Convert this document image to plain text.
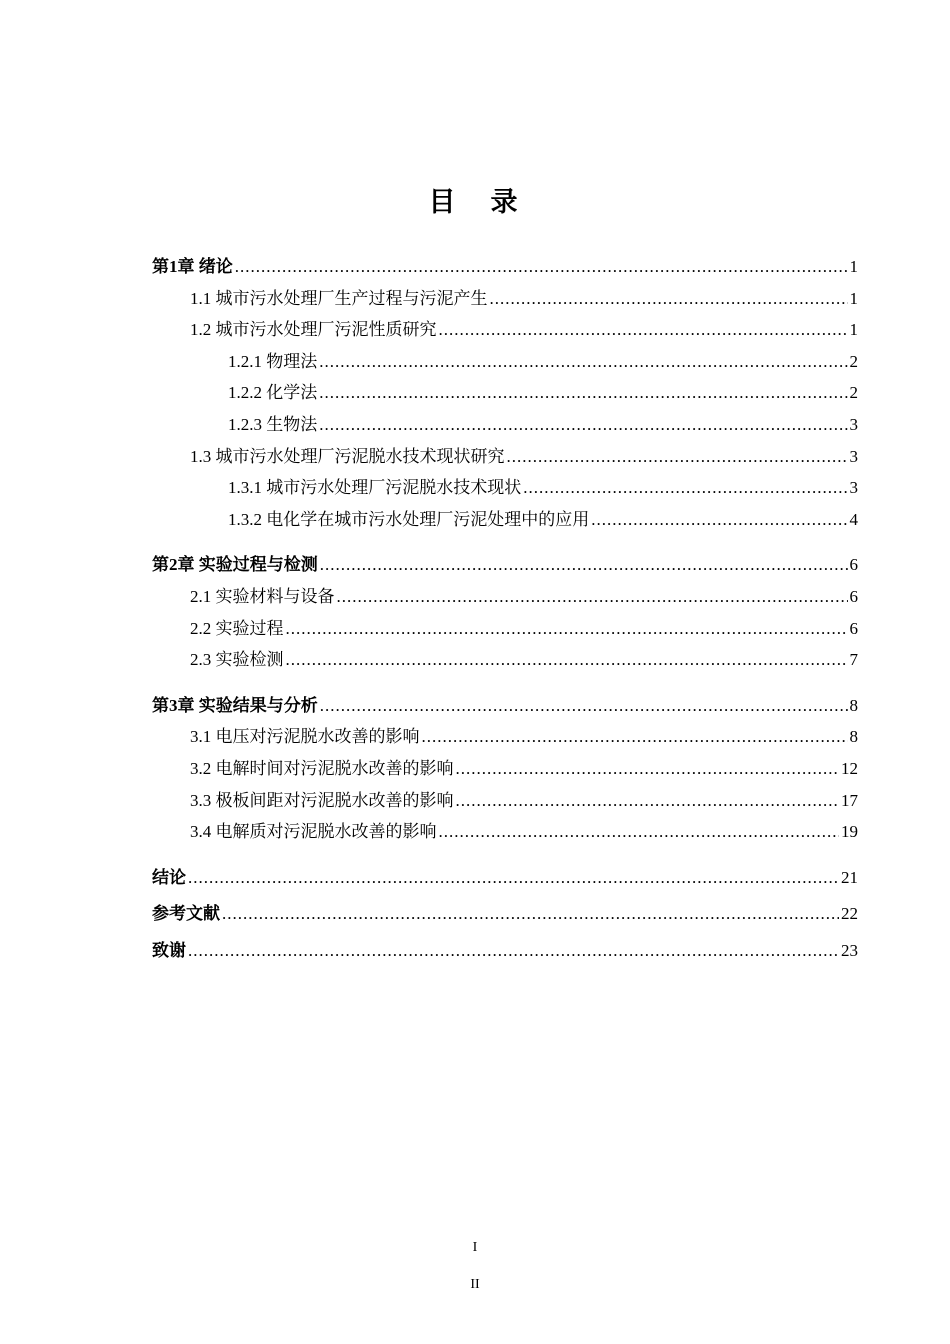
目　录
第1章 绪论 .....	1
1.1 城市污水处理厂生产过程与污泥产生 .....	1
1.2 城市污水处理厂污泥性质研究 .....	1
1.2.1 物理法 .....	2
1.2.2 化学法 .....	2
1.2.3 生物法 .....	3
1.3 城市污水处理厂污泥脱水技术现状研究 .....	3
1.3.1 城市污水处理厂污泥脱水技术现状 .....	3
1.3.2 电化学在城市污水处理厂污泥处理中的应用 .....	4
第2章 实验过程与检测 .....	6
2.1 实验材料与设备 .....	6
2.2 实验过程 .....	6
2.3 实验检测 .....	7
第3章 实验结果与分析 .....	8
3.1 电压对污泥脱水改善的影响 .....	8
3.2 电解时间对污泥脱水改善的影响 .....	12
3.3 极板间距对污泥脱水改善的影响 .....	17
3.4 电解质对污泥脱水改善的影响 .....	19
结论 .....	21
参考文献 .....	22
致谢 .....	23
I
II
